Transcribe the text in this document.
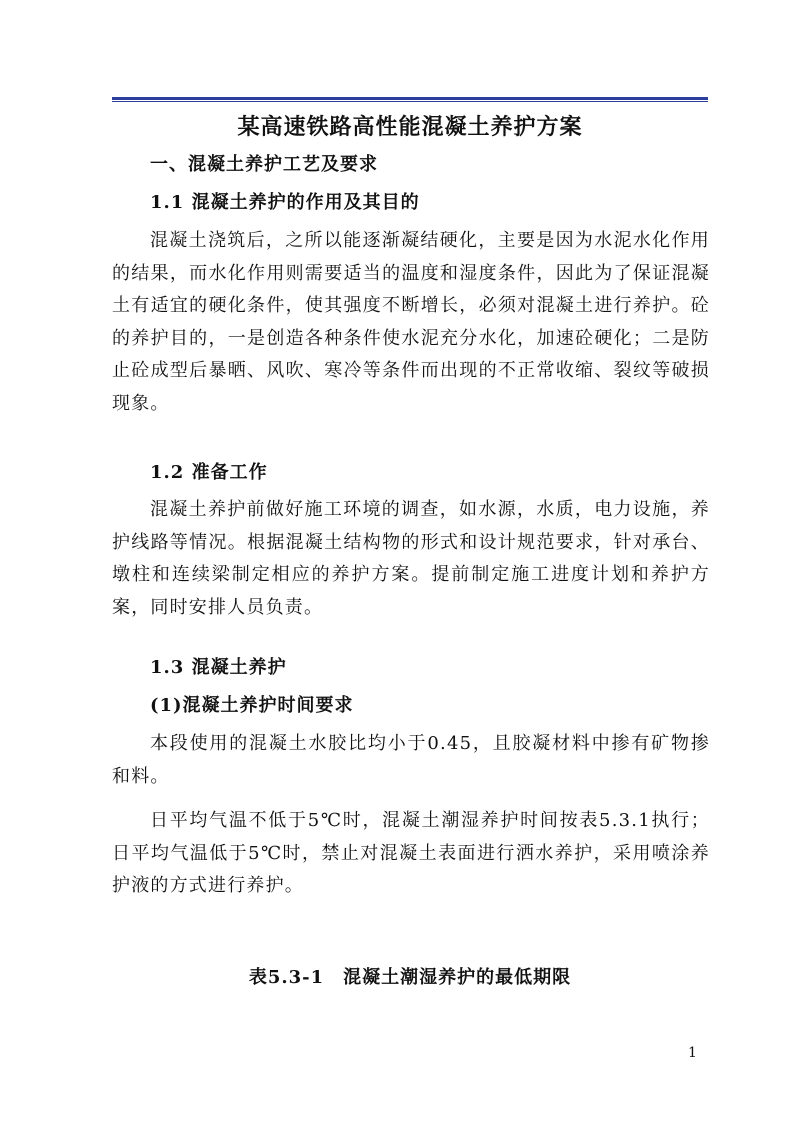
某高速铁路高性能混凝土养护方案
一、混凝土养护工艺及要求
1.1 混凝土养护的作用及其目的
混凝土浇筑后，之所以能逐渐凝结硬化，主要是因为水泥水化作用的结果，而水化作用则需要适当的温度和湿度条件，因此为了保证混凝土有适宜的硬化条件，使其强度不断增长，必须对混凝土进行养护。砼的养护目的，一是创造各种条件使水泥充分水化，加速砼硬化；二是防止砼成型后暴晒、风吹、寒冷等条件而出现的不正常收缩、裂纹等破损现象。
1.2 准备工作
混凝土养护前做好施工环境的调查，如水源，水质，电力设施，养护线路等情况。根据混凝土结构物的形式和设计规范要求，针对承台、墩柱和连续梁制定相应的养护方案。提前制定施工进度计划和养护方案，同时安排人员负责。
1.3 混凝土养护
(1)混凝土养护时间要求
本段使用的混凝土水胶比均小于0.45，且胶凝材料中掺有矿物掺和料。
日平均气温不低于5℃时，混凝土潮湿养护时间按表5.3.1执行；日平均气温低于5℃时，禁止对混凝土表面进行洒水养护，采用喷涂养护液的方式进行养护。
表5.3-1　混凝土潮湿养护的最低期限
1
